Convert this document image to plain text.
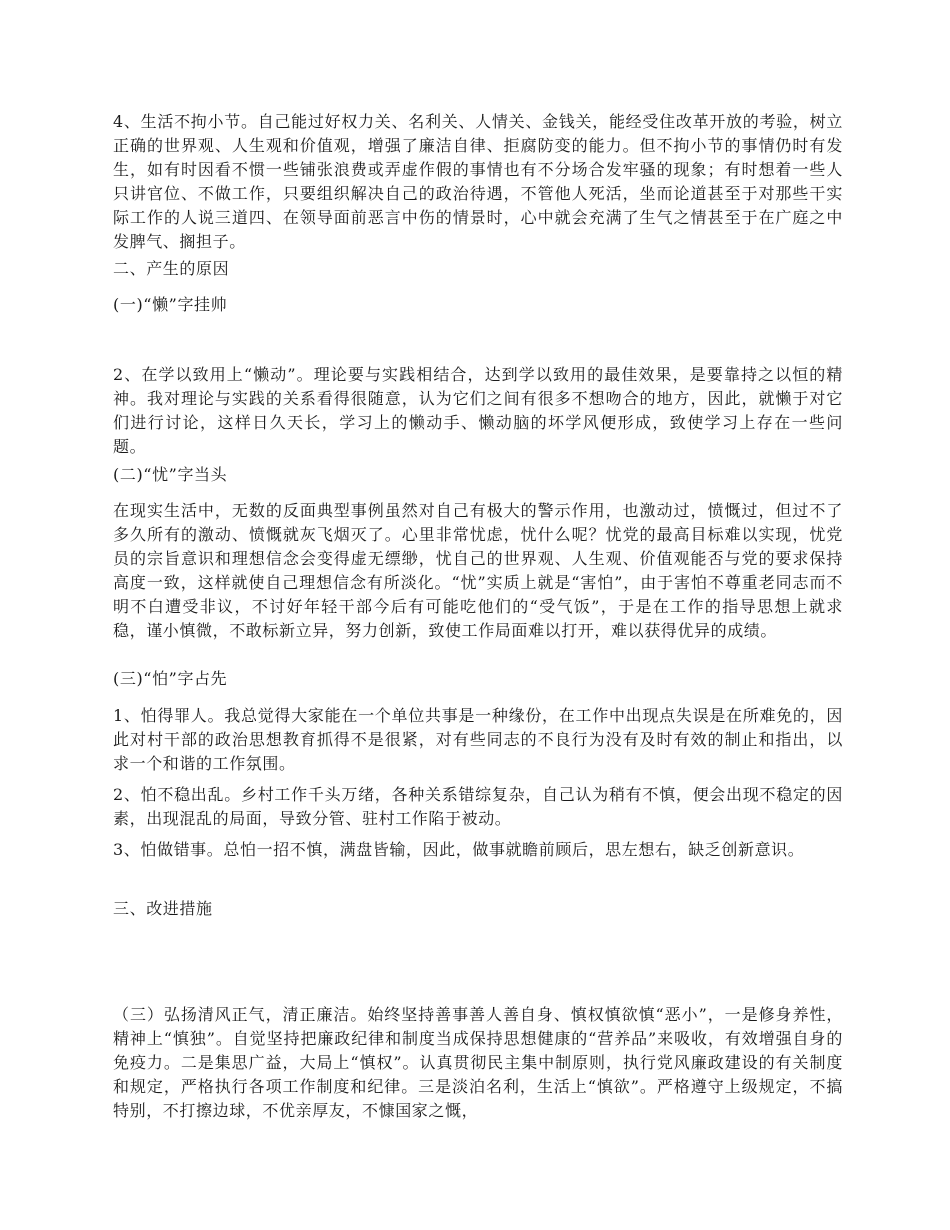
4、生活不拘小节。自己能过好权力关、名利关、人情关、金钱关，能经受住改革开放的考验，树立正确的世界观、人生观和价值观，增强了廉洁自律、拒腐防变的能力。但不拘小节的事情仍时有发生，如有时因看不惯一些铺张浪费或弄虚作假的事情也有不分场合发牢骚的现象；有时想着一些人只讲官位、不做工作，只要组织解决自己的政治待遇，不管他人死活，坐而论道甚至于对那些干实际工作的人说三道四、在领导面前恶言中伤的情景时，心中就会充满了生气之情甚至于在广庭之中发脾气、搁担子。
二、产生的原因
(一)“懒”字挂帅
2、在学以致用上“懒动”。理论要与实践相结合，达到学以致用的最佳效果，是要靠持之以恒的精神。我对理论与实践的关系看得很随意，认为它们之间有很多不想吻合的地方，因此，就懒于对它们进行讨论，这样日久天长，学习上的懒动手、懒动脑的坏学风便形成，致使学习上存在一些问题。
(二)“忧”字当头
在现实生活中，无数的反面典型事例虽然对自己有极大的警示作用，也激动过，愤慨过，但过不了多久所有的激动、愤慨就灰飞烟灭了。心里非常忧虑，忧什么呢？忧党的最高目标难以实现，忧党员的宗旨意识和理想信念会变得虚无缥缈，忧自己的世界观、人生观、价值观能否与党的要求保持高度一致，这样就使自己理想信念有所淡化。“忧”实质上就是“害怕”，由于害怕不尊重老同志而不明不白遭受非议，不讨好年轻干部今后有可能吃他们的“受气饭”，于是在工作的指导思想上就求稳，谨小慎微，不敢标新立异，努力创新，致使工作局面难以打开，难以获得优异的成绩。
(三)“怕”字占先
1、怕得罪人。我总觉得大家能在一个单位共事是一种缘份，在工作中出现点失误是在所难免的，因此对村干部的政治思想教育抓得不是很紧，对有些同志的不良行为没有及时有效的制止和指出，以求一个和谐的工作氛围。
2、怕不稳出乱。乡村工作千头万绪，各种关系错综复杂，自己认为稍有不慎，便会出现不稳定的因素，出现混乱的局面，导致分管、驻村工作陷于被动。
3、怕做错事。总怕一招不慎，满盘皆输，因此，做事就瞻前顾后，思左想右，缺乏创新意识。
三、改进措施
（三）弘扬清风正气，清正廉洁。始终坚持善事善人善自身、慎权慎欲慎“恶小”，一是修身养性，精神上“慎独”。自觉坚持把廉政纪律和制度当成保持思想健康的“营养品”来吸收，有效增强自身的免疫力。二是集思广益，大局上“慎权”。认真贯彻民主集中制原则，执行党风廉政建设的有关制度和规定，严格执行各项工作制度和纪律。三是淡泊名利，生活上“慎欲”。严格遵守上级规定，不搞特别，不打擦边球，不优亲厚友，不慷国家之慨，
